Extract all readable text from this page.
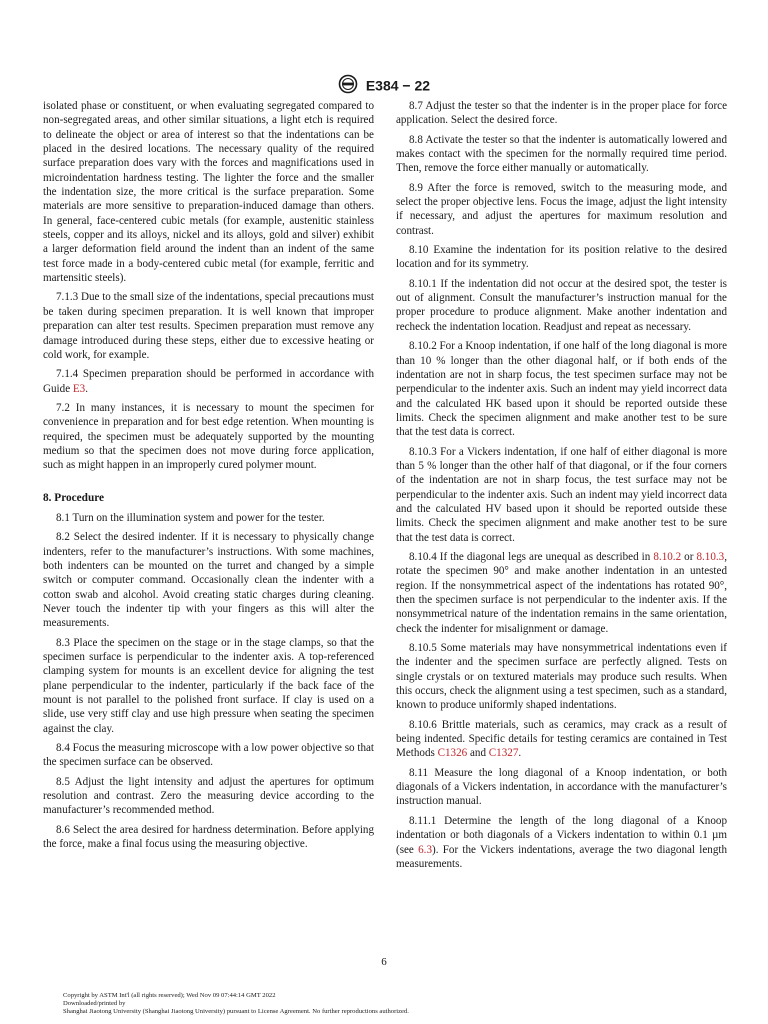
E384 − 22

isolated phase or constituent, or when evaluating segregated compared to non-segregated areas, and other similar situations, a light etch is required to delineate the object or area of interest so that the indentations can be placed in the desired locations. The necessary quality of the required surface preparation does vary with the forces and magnifications used in microindentation hardness testing. The lighter the force and the smaller the indentation size, the more critical is the surface preparation. Some materials are more sensitive to preparation-induced damage than others. In general, face-centered cubic metals (for example, austenitic stainless steels, copper and its alloys, nickel and its alloys, gold and silver) exhibit a larger deformation field around the indent than an indent of the same test force made in a body-centered cubic metal (for example, ferritic and martensitic steels).

7.1.3 Due to the small size of the indentations, special precautions must be taken during specimen preparation. It is well known that improper preparation can alter test results. Specimen preparation must remove any damage introduced during these steps, either due to excessive heating or cold work, for example.

7.1.4 Specimen preparation should be performed in accordance with Guide E3.

7.2 In many instances, it is necessary to mount the specimen for convenience in preparation and for best edge retention. When mounting is required, the specimen must be adequately supported by the mounting medium so that the specimen does not move during force application, such as might happen in an improperly cured polymer mount.

8. Procedure

8.1 Turn on the illumination system and power for the tester.

8.2 Select the desired indenter. If it is necessary to physically change indenters, refer to the manufacturer’s instructions. With some machines, both indenters can be mounted on the turret and changed by a simple switch or computer command. Occasionally clean the indenter with a cotton swab and alcohol. Avoid creating static charges during cleaning. Never touch the indenter tip with your fingers as this will alter the measurements.

8.3 Place the specimen on the stage or in the stage clamps, so that the specimen surface is perpendicular to the indenter axis. A top-referenced clamping system for mounts is an excellent device for aligning the test plane perpendicular to the indenter, particularly if the back face of the mount is not parallel to the polished front surface. If clay is used on a slide, use very stiff clay and use high pressure when seating the specimen against the clay.

8.4 Focus the measuring microscope with a low power objective so that the specimen surface can be observed.

8.5 Adjust the light intensity and adjust the apertures for optimum resolution and contrast. Zero the measuring device according to the manufacturer’s recommended method.

8.6 Select the area desired for hardness determination. Before applying the force, make a final focus using the measuring objective.

8.7 Adjust the tester so that the indenter is in the proper place for force application. Select the desired force.

8.8 Activate the tester so that the indenter is automatically lowered and makes contact with the specimen for the normally required time period. Then, remove the force either manually or automatically.

8.9 After the force is removed, switch to the measuring mode, and select the proper objective lens. Focus the image, adjust the light intensity if necessary, and adjust the apertures for maximum resolution and contrast.

8.10 Examine the indentation for its position relative to the desired location and for its symmetry.

8.10.1 If the indentation did not occur at the desired spot, the tester is out of alignment. Consult the manufacturer’s instruction manual for the proper procedure to produce alignment. Make another indentation and recheck the indentation location. Readjust and repeat as necessary.

8.10.2 For a Knoop indentation, if one half of the long diagonal is more than 10 % longer than the other diagonal half, or if both ends of the indentation are not in sharp focus, the test specimen surface may not be perpendicular to the indenter axis. Such an indent may yield incorrect data and the calculated HK based upon it should be reported outside these limits. Check the specimen alignment and make another test to be sure that the test data is correct.

8.10.3 For a Vickers indentation, if one half of either diagonal is more than 5 % longer than the other half of that diagonal, or if the four corners of the indentation are not in sharp focus, the test surface may not be perpendicular to the indenter axis. Such an indent may yield incorrect data and the calculated HV based upon it should be reported outside these limits. Check the specimen alignment and make another test to be sure that the test data is correct.

8.10.4 If the diagonal legs are unequal as described in 8.10.2 or 8.10.3, rotate the specimen 90° and make another indentation in an untested region. If the nonsymmetrical aspect of the indentations has rotated 90°, then the specimen surface is not perpendicular to the indenter axis. If the nonsymmetrical nature of the indentation remains in the same orientation, check the indenter for misalignment or damage.

8.10.5 Some materials may have nonsymmetrical indentations even if the indenter and the specimen surface are perfectly aligned. Tests on single crystals or on textured materials may produce such results. When this occurs, check the alignment using a test specimen, such as a standard, known to produce uniformly shaped indentations.

8.10.6 Brittle materials, such as ceramics, may crack as a result of being indented. Specific details for testing ceramics are contained in Test Methods C1326 and C1327.

8.11 Measure the long diagonal of a Knoop indentation, or both diagonals of a Vickers indentation, in accordance with the manufacturer’s instruction manual.

8.11.1 Determine the length of the long diagonal of a Knoop indentation or both diagonals of a Vickers indentation to within 0.1 µm (see 6.3). For the Vickers indentations, average the two diagonal length measurements.

6
Copyright by ASTM Int'l (all rights reserved); Wed Nov 09 07:44:14 GMT 2022
Downloaded/printed by
Shanghai Jiaotong University (Shanghai Jiaotong University) pursuant to License Agreement. No further reproductions authorized.
